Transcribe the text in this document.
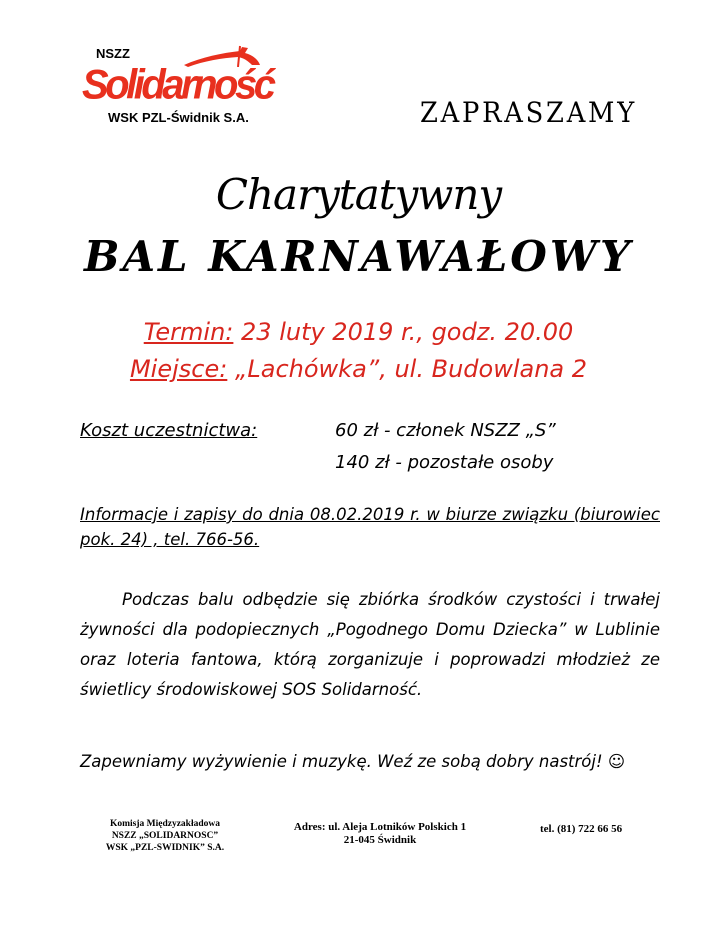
NSZZ
Solidarność
WSK PZL-Świdnik S.A.	ZAPRASZAMY
Charytatywny
BAL KARNAWAŁOWY
Termin: 23 luty 2019 r., godz. 20.00
Miejsce: „Lachówka”, ul. Budowlana 2
Koszt uczestnictwa:	60 zł - członek NSZZ „S”
140 zł - pozostałe osoby
Informacje i zapisy do dnia 08.02.2019 r. w biurze związku (biurowiec pok. 24) , tel. 766-56.
Podczas balu odbędzie się zbiórka środków czystości i trwałej żywności dla podopiecznych „Pogodnego Domu Dziecka” w Lublinie oraz loteria fantowa, którą zorganizuje i poprowadzi młodzież ze świetlicy środowiskowej SOS Solidarność.
Zapewniamy wyżywienie i muzykę. Weź ze sobą dobry nastrój! ☺
Komisja Międzyzakładowa
NSZZ „SOLIDARNOSC”
WSK „PZL-SWIDNIK” S.A.
Adres: ul. Aleja Lotników Polskich 1
21-045 Świdnik
tel. (81) 722 66 56
